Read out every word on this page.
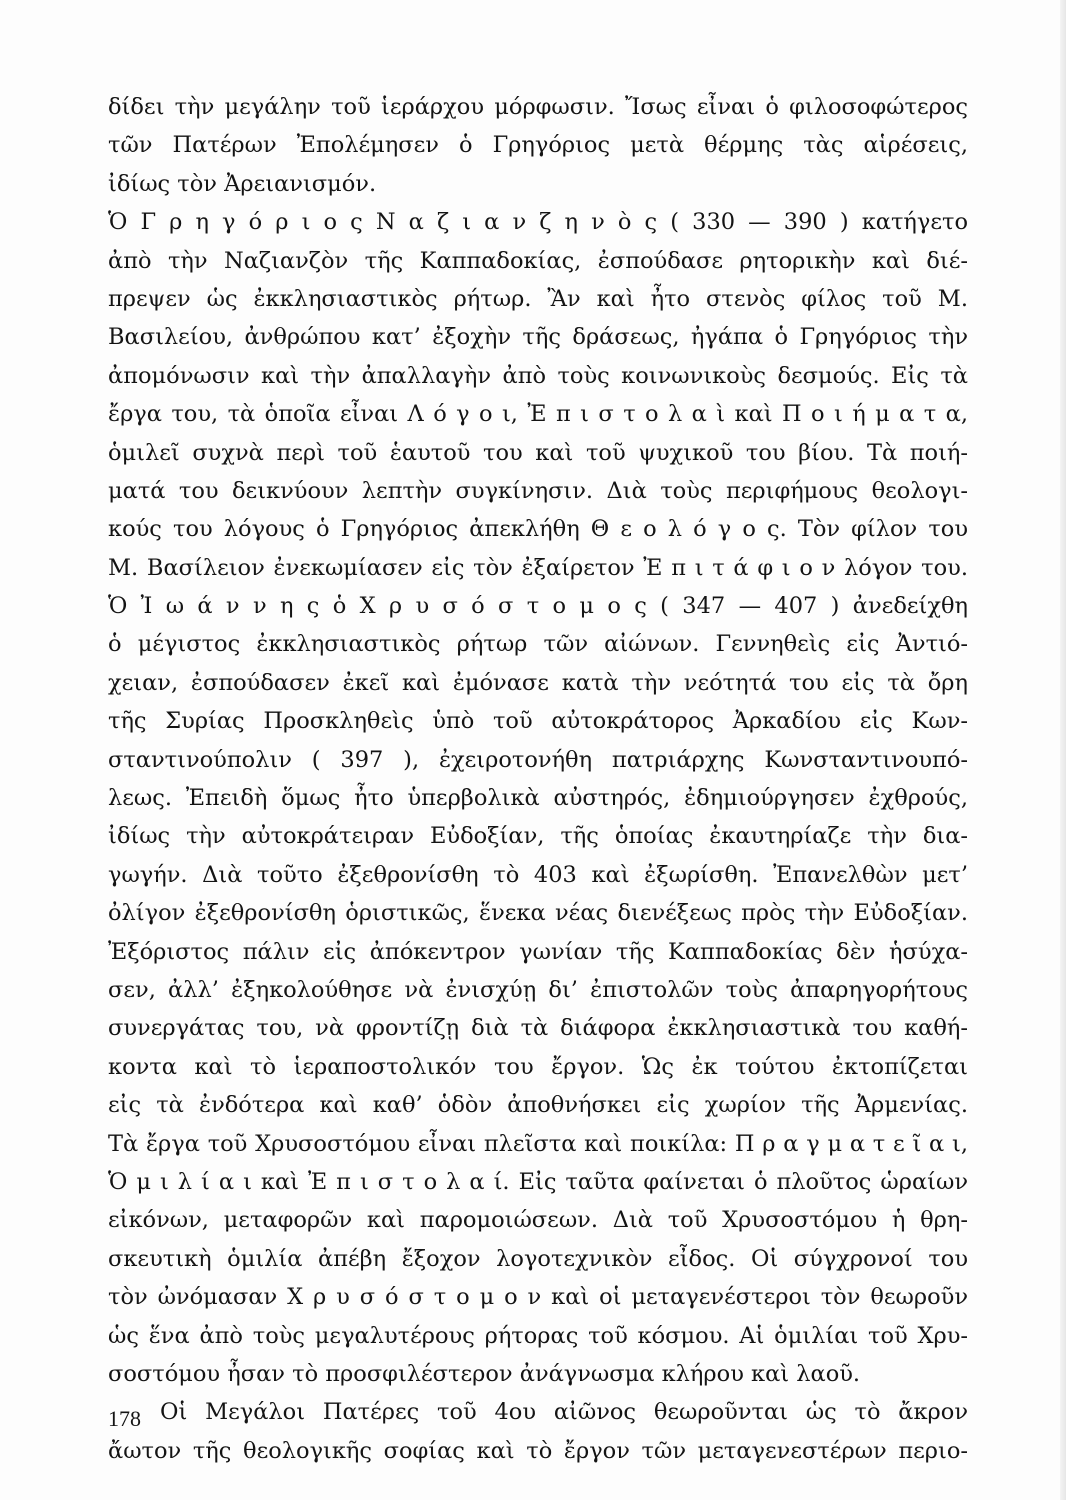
δίδει τὴν μεγάλην τοῦ ἱεράρχου μόρφωσιν. Ἴσως εἶναι ὁ φιλοσοφώτερος
τῶν Πατέρων Ἐπολέμησεν ὁ Γρηγόριος μετὰ θέρμης τὰς αἱρέσεις,
ἰδίως τὸν Ἀρειανισμόν.
Ὁ Γ ρ η γ ό ρ ι ο ς Ν α ζ ι α ν ζ η ν ὸ ς ( 330 — 390 ) κατήγετο
ἀπὸ τὴν Ναζιανζὸν τῆς Καππαδοκίας, ἐσπούδασε ρητορικὴν καὶ διέ-
πρεψεν ὡς ἐκκλησιαστικὸς ρήτωρ. Ἂν καὶ ἦτο στενὸς φίλος τοῦ Μ.
Βασιλείου, ἀνθρώπου κατ’ ἐξοχὴν τῆς δράσεως, ἠγάπα ὁ Γρηγόριος τὴν
ἀπομόνωσιν καὶ τὴν ἀπαλλαγὴν ἀπὸ τοὺς κοινωνικοὺς δεσμούς. Εἰς τὰ
ἔργα του, τὰ ὁποῖα εἶναι Λ ό γ ο ι, Ἐ π ι σ τ ο λ α ὶ καὶ Π ο ι ή μ α τ α,
ὁμιλεῖ συχνὰ περὶ τοῦ ἑαυτοῦ του καὶ τοῦ ψυχικοῦ του βίου. Τὰ ποιή-
ματά του δεικνύουν λεπτὴν συγκίνησιν. Διὰ τοὺς περιφήμους θεολογι-
κούς του λόγους ὁ Γρηγόριος ἀπεκλήθη Θ ε ο λ ό γ ο ς. Τὸν φίλον του
Μ. Βασίλειον ἐνεκωμίασεν εἰς τὸν ἐξαίρετον Ἐ π ι τ ά φ ι ο ν λόγον του.
Ὁ Ἰ ω ά ν ν η ς ὁ Χ ρ υ σ ό σ τ ο μ ο ς ( 347 — 407 ) ἀνεδείχθη
ὁ μέγιστος ἐκκλησιαστικὸς ρήτωρ τῶν αἰώνων. Γεννηθεὶς εἰς Ἀντιό-
χειαν, ἐσπούδασεν ἐκεῖ καὶ ἐμόνασε κατὰ τὴν νεότητά του εἰς τὰ ὄρη
τῆς Συρίας Προσκληθεὶς ὑπὸ τοῦ αὐτοκράτορος Ἀρκαδίου εἰς Κων-
σταντινούπολιν ( 397 ), ἐχειροτονήθη πατριάρχης Κωνσταντινουπό-
λεως. Ἐπειδὴ ὅμως ἦτο ὑπερβολικὰ αὐστηρός, ἐδημιούργησεν ἐχθρούς,
ἰδίως τὴν αὐτοκράτειραν Εὐδοξίαν, τῆς ὁποίας ἐκαυτηρίαζε τὴν δια-
γωγήν. Διὰ τοῦτο ἐξεθρονίσθη τὸ 403 καὶ ἐξωρίσθη. Ἐπανελθὼν μετ’
ὀλίγον ἐξεθρονίσθη ὁριστικῶς, ἕνεκα νέας διενέξεως πρὸς τὴν Εὐδοξίαν.
Ἐξόριστος πάλιν εἰς ἀπόκεντρον γωνίαν τῆς Καππαδοκίας δὲν ἡσύχα-
σεν, ἀλλ’ ἐξηκολούθησε νὰ ἐνισχύῃ δι’ ἐπιστολῶν τοὺς ἀπαρηγορήτους
συνεργάτας του, νὰ φροντίζῃ διὰ τὰ διάφορα ἐκκλησιαστικὰ του καθή-
κοντα καὶ τὸ ἱεραποστολικόν του ἔργον. Ὡς ἐκ τούτου ἐκτοπίζεται
εἰς τὰ ἐνδότερα καὶ καθ’ ὁδὸν ἀποθνήσκει εἰς χωρίον τῆς Ἀρμενίας.
Τὰ ἔργα τοῦ Χρυσοστόμου εἶναι πλεῖστα καὶ ποικίλα: Π ρ α γ μ α τ ε ῖ α ι,
Ὁ μ ι λ ί α ι καὶ Ἐ π ι σ τ ο λ α ί. Εἰς ταῦτα φαίνεται ὁ πλοῦτος ὡραίων
εἰκόνων, μεταφορῶν καὶ παρομοιώσεων. Διὰ τοῦ Χρυσοστόμου ἡ θρη-
σκευτικὴ ὁμιλία ἀπέβη ἔξοχον λογοτεχνικὸν εἶδος. Οἱ σύγχρονοί του
τὸν ὠνόμασαν Χ ρ υ σ ό σ τ ο μ ο ν καὶ οἱ μεταγενέστεροι τὸν θεωροῦν
ὡς ἕνα ἀπὸ τοὺς μεγαλυτέρους ρήτορας τοῦ κόσμου. Αἱ ὁμιλίαι τοῦ Χρυ-
σοστόμου ἦσαν τὸ προσφιλέστερον ἀνάγνωσμα κλήρου καὶ λαοῦ.
Οἱ Μεγάλοι Πατέρες τοῦ 4ου αἰῶνος θεωροῦνται ὡς τὸ ἄκρον
ἄωτον τῆς θεολογικῆς σοφίας καὶ τὸ ἔργον τῶν μεταγενεστέρων περιο-
178
